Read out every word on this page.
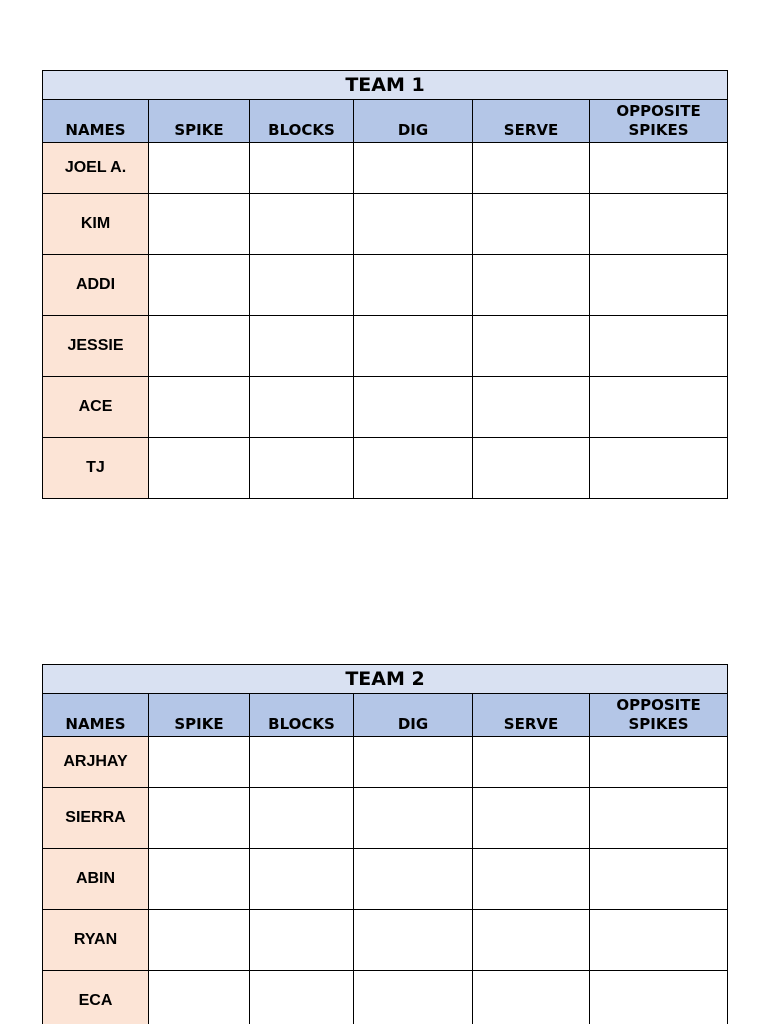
TEAM 1					
NAMES	SPIKE	BLOCKS	DIG	SERVE	OPPOSITE SPIKES
JOEL A.					
KIM					
ADDI					
JESSIE					
ACE					
TJ					
TEAM 2					
NAMES	SPIKE	BLOCKS	DIG	SERVE	OPPOSITE SPIKES
ARJHAY					
SIERRA					
ABIN					
RYAN					
ECA					
